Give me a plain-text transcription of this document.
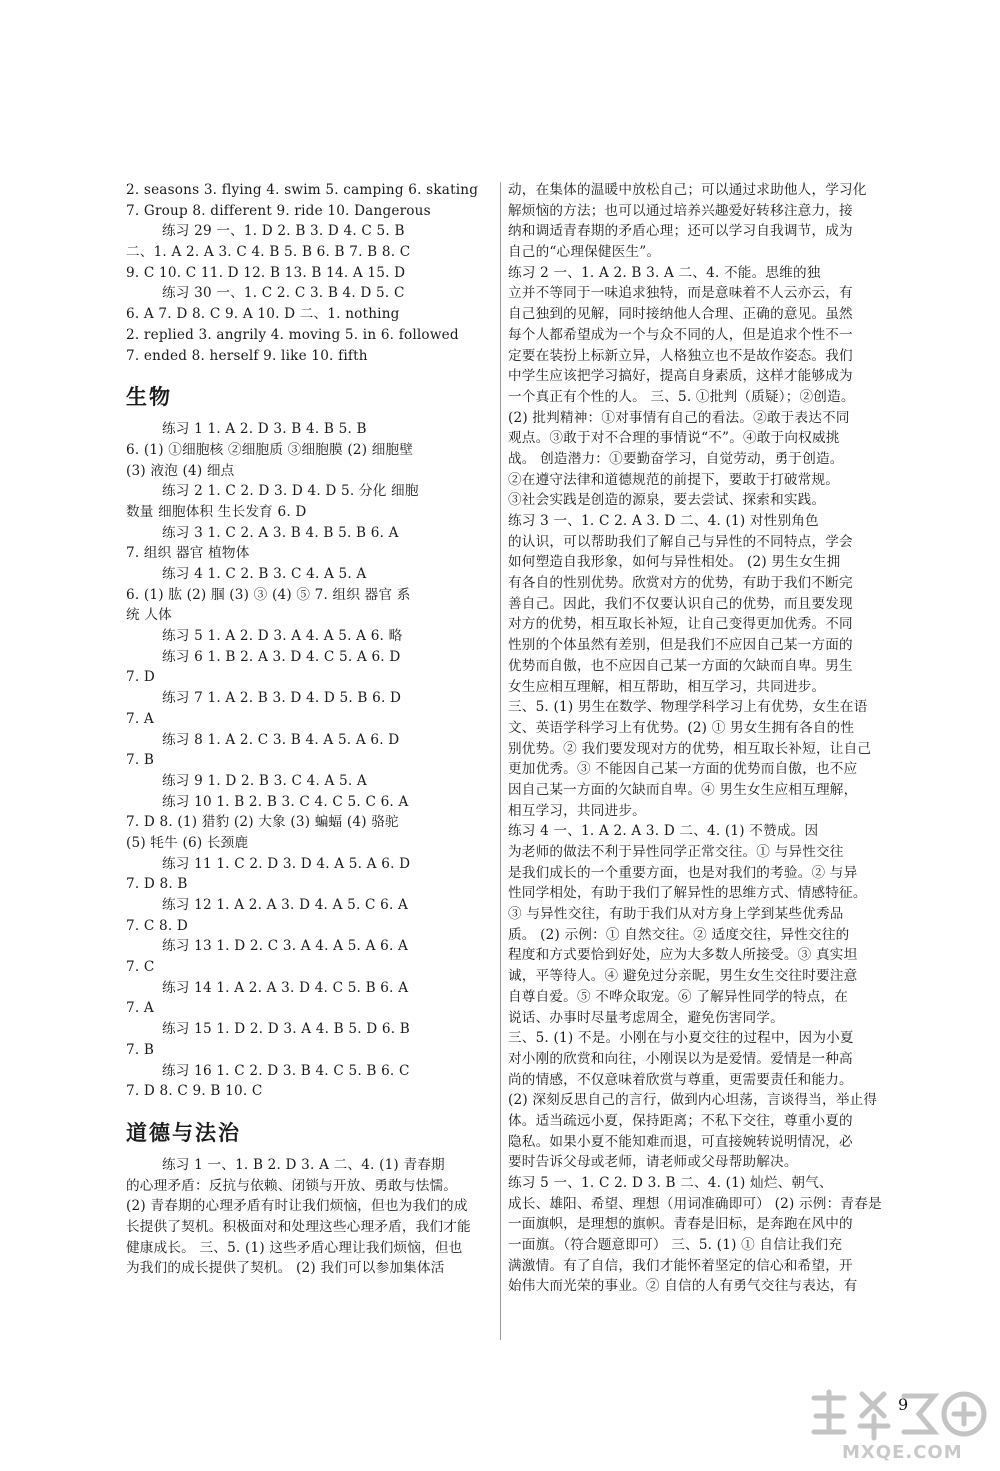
2. seasons 3. flying 4. swim 5. camping 6. skating
7. Group 8. different 9. ride 10. Dangerous
练习 29 一、1. D 2. B 3. D 4. C 5. B
二、1. A 2. A 3. C 4. B 5. B 6. B 7. B 8. C
9. C 10. C 11. D 12. B 13. B 14. A 15. D
练习 30 一、1. C 2. C 3. B 4. D 5. C
6. A 7. D 8. C 9. A 10. D 二、1. nothing
2. replied 3. angrily 4. moving 5. in 6. followed
7. ended 8. herself 9. like 10. fifth
生物
练习 1 1. A 2. D 3. B 4. B 5. B
6. (1) ①细胞核 ②细胞质 ③细胞膜 (2) 细胞壁
(3) 液泡 (4) 细点
练习 2 1. C 2. D 3. D 4. D 5. 分化 细胞
数量 细胞体积 生长发育 6. D
练习 3 1. C 2. A 3. B 4. B 5. B 6. A
7. 组织 器官 植物体
练习 4 1. C 2. B 3. C 4. A 5. A
6. (1) 肱 (2) 腘 (3) ③ (4) ⑤ 7. 组织 器官 系
统 人体
练习 5 1. A 2. D 3. A 4. A 5. A 6. 略
练习 6 1. B 2. A 3. D 4. C 5. A 6. D
7. D
练习 7 1. A 2. B 3. D 4. D 5. B 6. D
7. A
练习 8 1. A 2. C 3. B 4. A 5. A 6. D
7. B
练习 9 1. D 2. B 3. C 4. A 5. A
练习 10 1. B 2. B 3. C 4. C 5. C 6. A
7. D 8. (1) 猎豹 (2) 大象 (3) 蝙蝠 (4) 骆驼
(5) 牦牛 (6) 长颈鹿
练习 11 1. C 2. D 3. D 4. A 5. A 6. D
7. D 8. B
练习 12 1. A 2. A 3. D 4. A 5. C 6. A
7. C 8. D
练习 13 1. D 2. C 3. A 4. A 5. A 6. A
7. C
练习 14 1. A 2. A 3. D 4. C 5. B 6. A
7. A
练习 15 1. D 2. D 3. A 4. B 5. D 6. B
7. B
练习 16 1. C 2. D 3. B 4. C 5. B 6. C
7. D 8. C 9. B 10. C
道德与法治
练习 1 一、1. B 2. D 3. A 二、4. (1) 青春期
的心理矛盾：反抗与依赖、闭锁与开放、勇敢与怯懦。
(2) 青春期的心理矛盾有时让我们烦恼，但也为我们的成
长提供了契机。积极面对和处理这些心理矛盾，我们才能
健康成长。 三、5. (1) 这些矛盾心理让我们烦恼，但也
为我们的成长提供了契机。 (2) 我们可以参加集体活
动，在集体的温暖中放松自己；可以通过求助他人，学习化
解烦恼的方法；也可以通过培养兴趣爱好转移注意力，接
纳和调适青春期的矛盾心理；还可以学习自我调节，成为
自己的“心理保健医生”。
练习 2 一、1. A 2. B 3. A 二、4. 不能。思维的独
立并不等同于一味追求独特，而是意味着不人云亦云，有
自己独到的见解，同时接纳他人合理、正确的意见。虽然
每个人都希望成为一个与众不同的人，但是追求个性不一
定要在装扮上标新立异，人格独立也不是故作姿态。我们
中学生应该把学习搞好，提高自身素质，这样才能够成为
一个真正有个性的人。 三、5. ①批判（质疑）；②创造。
(2) 批判精神：①对事情有自己的看法。②敢于表达不同
观点。③敢于对不合理的事情说“不”。④敢于向权威挑
战。 创造潜力：①要勤奋学习，自觉劳动，勇于创造。
②在遵守法律和道德规范的前提下，要敢于打破常规。
③社会实践是创造的源泉，要去尝试、探索和实践。
练习 3 一、1. C 2. A 3. D 二、4. (1) 对性别角色
的认识，可以帮助我们了解自己与异性的不同特点，学会
如何塑造自我形象，如何与异性相处。 (2) 男生女生拥
有各自的性别优势。欣赏对方的优势，有助于我们不断完
善自己。因此，我们不仅要认识自己的优势，而且要发现
对方的优势，相互取长补短，让自己变得更加优秀。不同
性别的个体虽然有差别，但是我们不应因自己某一方面的
优势而自傲，也不应因自己某一方面的欠缺而自卑。男生
女生应相互理解，相互帮助，相互学习，共同进步。
三、5. (1) 男生在数学、物理学科学习上有优势，女生在语
文、英语学科学习上有优势。(2) ① 男女生拥有各自的性
别优势。② 我们要发现对方的优势，相互取长补短，让自己
更加优秀。③ 不能因自己某一方面的优势而自傲，也不应
因自己某一方面的欠缺而自卑。④ 男生女生应相互理解，
相互学习，共同进步。
练习 4 一、1. A 2. A 3. D 二、4. (1) 不赞成。因
为老师的做法不利于异性同学正常交往。① 与异性交往
是我们成长的一个重要方面，也是对我们的考验。② 与异
性同学相处，有助于我们了解异性的思维方式、情感特征。
③ 与异性交往，有助于我们从对方身上学到某些优秀品
质。 (2) 示例：① 自然交往。② 适度交往，异性交往的
程度和方式要恰到好处，应为大多数人所接受。③ 真实坦
诚，平等待人。④ 避免过分亲昵，男生女生交往时要注意
自尊自爱。⑤ 不哗众取宠。⑥ 了解异性同学的特点，在
说话、办事时尽量考虑周全，避免伤害同学。
三、5. (1) 不是。小刚在与小夏交往的过程中，因为小夏
对小刚的欣赏和向往，小刚误以为是爱情。爱情是一种高
尚的情感，不仅意味着欣赏与尊重，更需要责任和能力。
(2) 深刻反思自己的言行，做到内心坦荡，言谈得当，举止得
体。适当疏远小夏，保持距离；不私下交往，尊重小夏的
隐私。如果小夏不能知难而退，可直接婉转说明情况，必
要时告诉父母或老师，请老师或父母帮助解决。
练习 5 一、1. C 2. D 3. B 二、4. (1) 灿烂、朝气、
成长、雄阳、希望、理想（用词准确即可） (2) 示例：青春是
一面旗帜，是理想的旗帜。青春是旧标，是奔跑在风中的
一面旗。（符合题意即可） 三、5. (1) ① 自信让我们充
满激情。有了自信，我们才能怀着坚定的信心和希望，开
始伟大而光荣的事业。② 自信的人有勇气交往与表达，有
9
MXQE.COM
